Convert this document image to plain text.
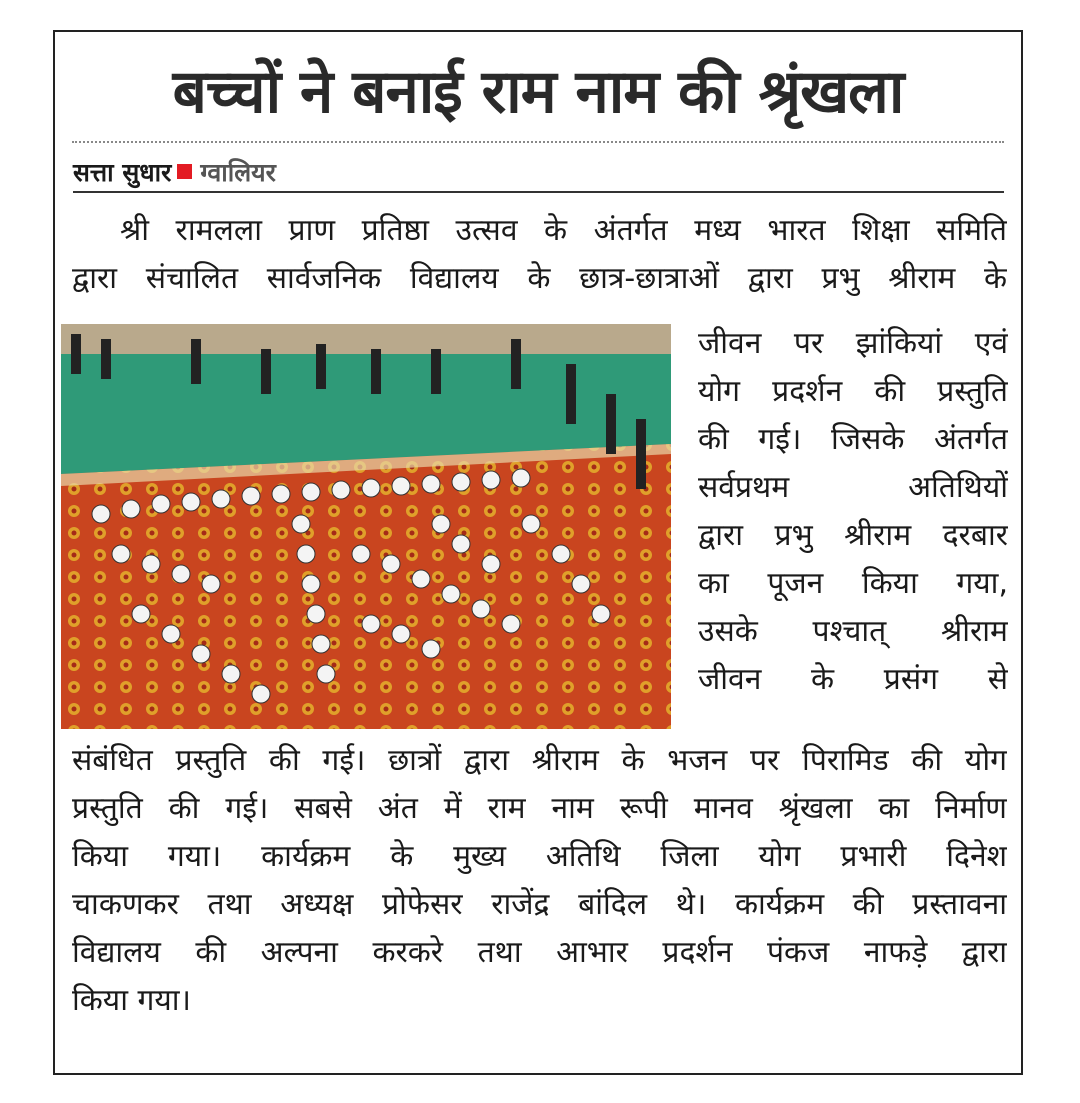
बच्चों ने बनाई राम नाम की श्रृंखला
सत्ता सुधार ग्वालियर
श्री रामलला प्राण प्रतिष्ठा उत्सव के अंतर्गत मध्य भारत शिक्षा समिति
द्वारा संचालित सार्वजनिक विद्यालय के छात्र-छात्राओं द्वारा प्रभु श्रीराम के
जीवन पर झांकियां एवं
योग प्रदर्शन की प्रस्तुति
की गई। जिसके अंतर्गत
सर्वप्रथम अतिथियों
द्वारा प्रभु श्रीराम दरबार
का पूजन किया गया,
उसके पश्चात् श्रीराम
जीवन के प्रसंग से
संबंधित प्रस्तुति की गई। छात्रों द्वारा श्रीराम के भजन पर पिरामिड की योग
प्रस्तुति की गई। सबसे अंत में राम नाम रूपी मानव श्रृंखला का निर्माण
किया गया। कार्यक्रम के मुख्य अतिथि जिला योग प्रभारी दिनेश
चाकणकर तथा अध्यक्ष प्रोफेसर राजेंद्र बांदिल थे। कार्यक्रम की प्रस्तावना
विद्यालय की अल्पना करकरे तथा आभार प्रदर्शन पंकज नाफड़े द्वारा
किया गया।
